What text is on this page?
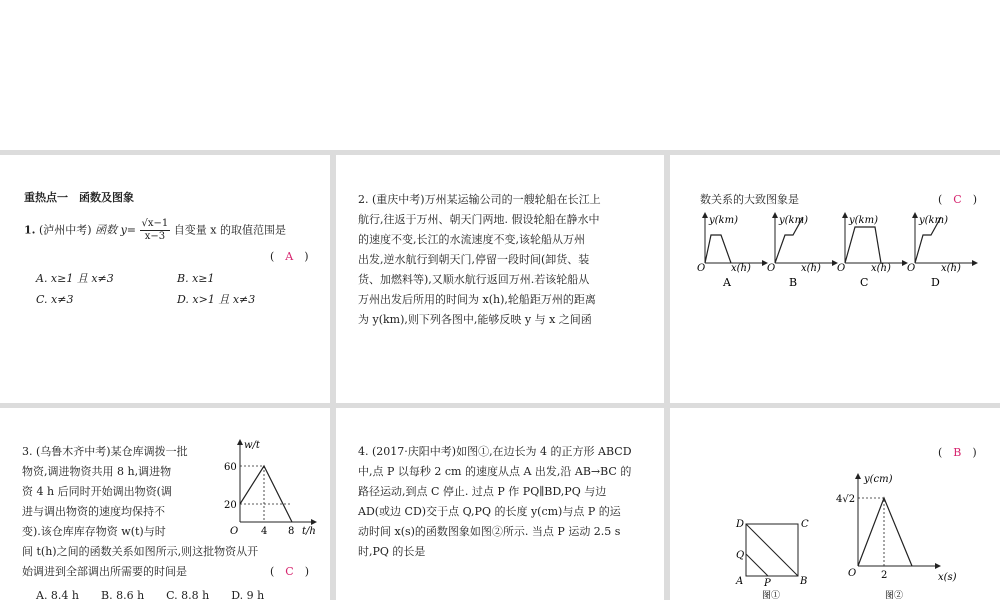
重热点一　函数及图象
1. (泸州中考) 函数 $y= \frac{√x-1}{x-3}$ 自变量 x 的取值范围是
(　A　)
A. x≥1 且 x≠3	B. x≥1
C. x≠3	D. x>1 且 x≠3
2. (重庆中考)万州某运输公司的一艘轮船在长江上
航行,往返于万州、朝天门两地. 假设轮船在静水中
的速度不变,长江的水流速度不变,该轮船从万州
出发,逆水航行到朝天门,停留一段时间(卸货、装
货、加燃料等),又顺水航行返回万州.若该轮船从
万州出发后所用的时间为 x(h),轮船距万州的距离
为 y(km),则下列各图中,能够反映 y 与 x 之间函
数关系的大致图象是	(　C　)
y(km)
x(h)
O
A
y(km)
x(h)
O
B
y(km)
x(h)
O
C
y(km)
x(h)
O
D
3. (乌鲁木齐中考)某仓库调拨一批
物资,调进物资共用 8 h,调进物
资 4 h 后同时开始调出物资(调
进与调出物资的速度均保持不
变).该仓库库存物资 w(t)与时
间 t(h)之间的函数关系如图所示,则这批物资从开
始调进到全部调出所需要的时间是	(　C　)
A. 8.4 h　　B. 8.6 h　　C. 8.8 h　　D. 9 h
w/t
t/h
60
20
4 8
O
4. (2017·庆阳中考)如图①,在边长为 4 的正方形 ABCD
中,点 P 以每秒 2 cm 的速度从点 A 出发,沿 AB→BC 的
路径运动,到点 C 停止. 过点 P 作 PQ∥BD,PQ 与边
AD(或边 CD)交于点 Q,PQ 的长度 y(cm)与点 P 的运
动时间 x(s)的函数图象如图②所示. 当点 P 运动 2.5 s
时,PQ 的长是
(　B　)
D	C
Q
A P	B
图①
y(cm)
x(s)
4√2
2
O
图②
